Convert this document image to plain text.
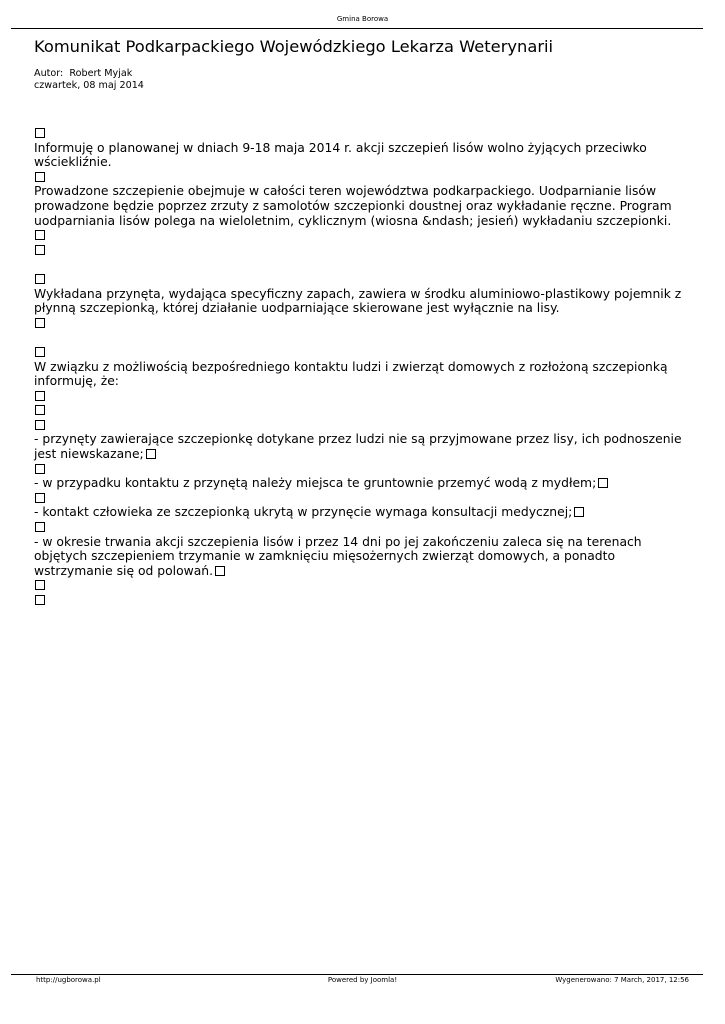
Gmina Borowa
Komunikat Podkarpackiego Wojewódzkiego Lekarza Weterynarii
Autor:  Robert Myjak
czwartek, 08 maj 2014
Informuję o planowanej w dniach 9-18 maja 2014 r. akcji szczepień lisów wolno żyjących przeciwko
wściekliźnie.
Prowadzone szczepienie obejmuje w całości teren województwa podkarpackiego. Uodparnianie lisów
prowadzone będzie poprzez zrzuty z samolotów szczepionki doustnej oraz wykładanie ręczne. Program
uodparniania lisów polega na wieloletnim, cyklicznym (wiosna &ndash; jesień) wykładaniu szczepionki.
Wykładana przynęta, wydająca specyficzny zapach, zawiera w środku aluminiowo-plastikowy pojemnik z
płynną szczepionką, której działanie uodparniające skierowane jest wyłącznie na lisy.
W związku z możliwością bezpośredniego kontaktu ludzi i zwierząt domowych z rozłożoną szczepionką
informuję, że:
- przynęty zawierające szczepionkę dotykane przez ludzi nie są przyjmowane przez lisy, ich podnoszenie
jest niewskazane;
- w przypadku kontaktu z przynętą należy miejsca te gruntownie przemyć wodą z mydłem;
- kontakt człowieka ze szczepionką ukrytą w przynęcie wymaga konsultacji medycznej;
- w okresie trwania akcji szczepienia lisów i przez 14 dni po jej zakończeniu zaleca się na terenach
objętych szczepieniem trzymanie w zamknięciu mięsożernych zwierząt domowych, a ponadto
wstrzymanie się od polowań.
http://ugborowa.pl	Powered by Joomla!	Wygenerowano: 7 March, 2017, 12:56
